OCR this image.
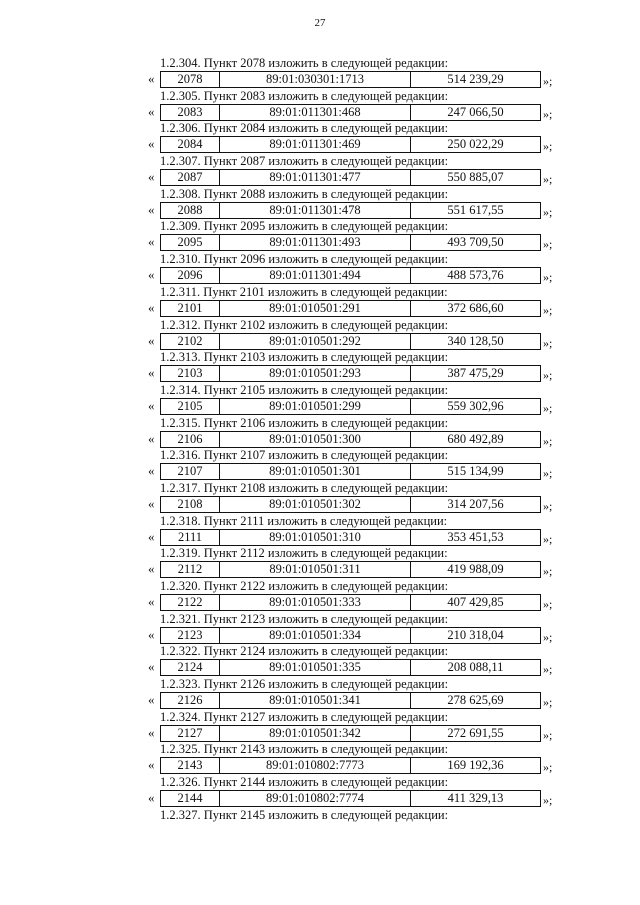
27
1.2.304. Пункт 2078 изложить в следующей редакции:
«	2078	89:01:030301:1713	514 239,29	»;
1.2.305. Пункт 2083 изложить в следующей редакции:
«	2083	89:01:011301:468	247 066,50	»;
1.2.306. Пункт 2084 изложить в следующей редакции:
«	2084	89:01:011301:469	250 022,29	»;
1.2.307. Пункт 2087 изложить в следующей редакции:
«	2087	89:01:011301:477	550 885,07	»;
1.2.308. Пункт 2088 изложить в следующей редакции:
«	2088	89:01:011301:478	551 617,55	»;
1.2.309. Пункт 2095 изложить в следующей редакции:
«	2095	89:01:011301:493	493 709,50	»;
1.2.310. Пункт 2096 изложить в следующей редакции:
«	2096	89:01:011301:494	488 573,76	»;
1.2.311. Пункт 2101 изложить в следующей редакции:
«	2101	89:01:010501:291	372 686,60	»;
1.2.312. Пункт 2102 изложить в следующей редакции:
«	2102	89:01:010501:292	340 128,50	»;
1.2.313. Пункт 2103 изложить в следующей редакции:
«	2103	89:01:010501:293	387 475,29	»;
1.2.314. Пункт 2105 изложить в следующей редакции:
«	2105	89:01:010501:299	559 302,96	»;
1.2.315. Пункт 2106 изложить в следующей редакции:
«	2106	89:01:010501:300	680 492,89	»;
1.2.316. Пункт 2107 изложить в следующей редакции:
«	2107	89:01:010501:301	515 134,99	»;
1.2.317. Пункт 2108 изложить в следующей редакции:
«	2108	89:01:010501:302	314 207,56	»;
1.2.318. Пункт 2111 изложить в следующей редакции:
«	2111	89:01:010501:310	353 451,53	»;
1.2.319. Пункт 2112 изложить в следующей редакции:
«	2112	89:01:010501:311	419 988,09	»;
1.2.320. Пункт 2122 изложить в следующей редакции:
«	2122	89:01:010501:333	407 429,85	»;
1.2.321. Пункт 2123 изложить в следующей редакции:
«	2123	89:01:010501:334	210 318,04	»;
1.2.322. Пункт 2124 изложить в следующей редакции:
«	2124	89:01:010501:335	208 088,11	»;
1.2.323. Пункт 2126 изложить в следующей редакции:
«	2126	89:01:010501:341	278 625,69	»;
1.2.324. Пункт 2127 изложить в следующей редакции:
«	2127	89:01:010501:342	272 691,55	»;
1.2.325. Пункт 2143 изложить в следующей редакции:
«	2143	89:01:010802:7773	169 192,36	»;
1.2.326. Пункт 2144 изложить в следующей редакции:
«	2144	89:01:010802:7774	411 329,13	»;
1.2.327. Пункт 2145 изложить в следующей редакции:
